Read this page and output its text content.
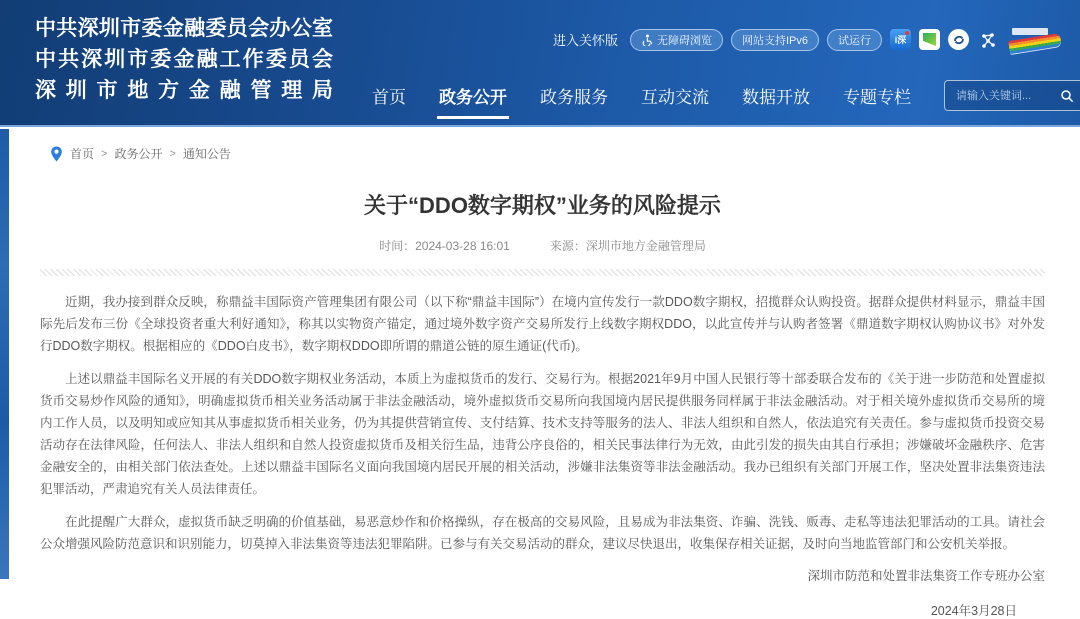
中共深圳市委金融委员会办公室
中共深圳市委金融工作委员会
深圳市地方金融管理局
进入关怀版	无障碍浏览	网站支持IPv6	试运行	i深
首页 政务公开 政务服务 互动交流 数据开放 专题专栏
请输入关键词...
首页 > 政务公开 > 通知公告
关于“DDO数字期权”业务的风险提示
时间：2024-03-28 16:01	来源：深圳市地方金融管理局

近期，我办接到群众反映，称鼎益丰国际资产管理集团有限公司（以下称“鼎益丰国际”）在境内宣传发行一款DDO数字期权，招揽群众认购投资。据群众提供材料显示，鼎益丰国际先后发布三份《全球投资者重大利好通知》，称其以实物资产锚定，通过境外数字资产交易所发行上线数字期权DDO，以此宣传并与认购者签署《鼎道数字期权认购协议书》对外发行DDO数字期权。根据相应的《DDO白皮书》，数字期权DDO即所谓的鼎道公链的原生通证(代币)。

上述以鼎益丰国际名义开展的有关DDO数字期权业务活动，本质上为虚拟货币的发行、交易行为。根据2021年9月中国人民银行等十部委联合发布的《关于进一步防范和处置虚拟货币交易炒作风险的通知》，明确虚拟货币相关业务活动属于非法金融活动，境外虚拟货币交易所向我国境内居民提供服务同样属于非法金融活动。对于相关境外虚拟货币交易所的境内工作人员，以及明知或应知其从事虚拟货币相关业务，仍为其提供营销宣传、支付结算、技术支持等服务的法人、非法人组织和自然人，依法追究有关责任。参与虚拟货币投资交易活动存在法律风险，任何法人、非法人组织和自然人投资虚拟货币及相关衍生品，违背公序良俗的，相关民事法律行为无效，由此引发的损失由其自行承担；涉嫌破坏金融秩序、危害金融安全的，由相关部门依法查处。上述以鼎益丰国际名义面向我国境内居民开展的相关活动，涉嫌非法集资等非法金融活动。我办已组织有关部门开展工作，坚决处置非法集资违法犯罪活动，严肃追究有关人员法律责任。

在此提醒广大群众，虚拟货币缺乏明确的价值基础，易恶意炒作和价格操纵，存在极高的交易风险，且易成为非法集资、诈骗、洗钱、贩毒、走私等违法犯罪活动的工具。请社会公众增强风险防范意识和识别能力，切莫掉入非法集资等违法犯罪陷阱。已参与有关交易活动的群众，建议尽快退出，收集保存相关证据，及时向当地监管部门和公安机关举报。

深圳市防范和处置非法集资工作专班办公室
2024年3月28日
